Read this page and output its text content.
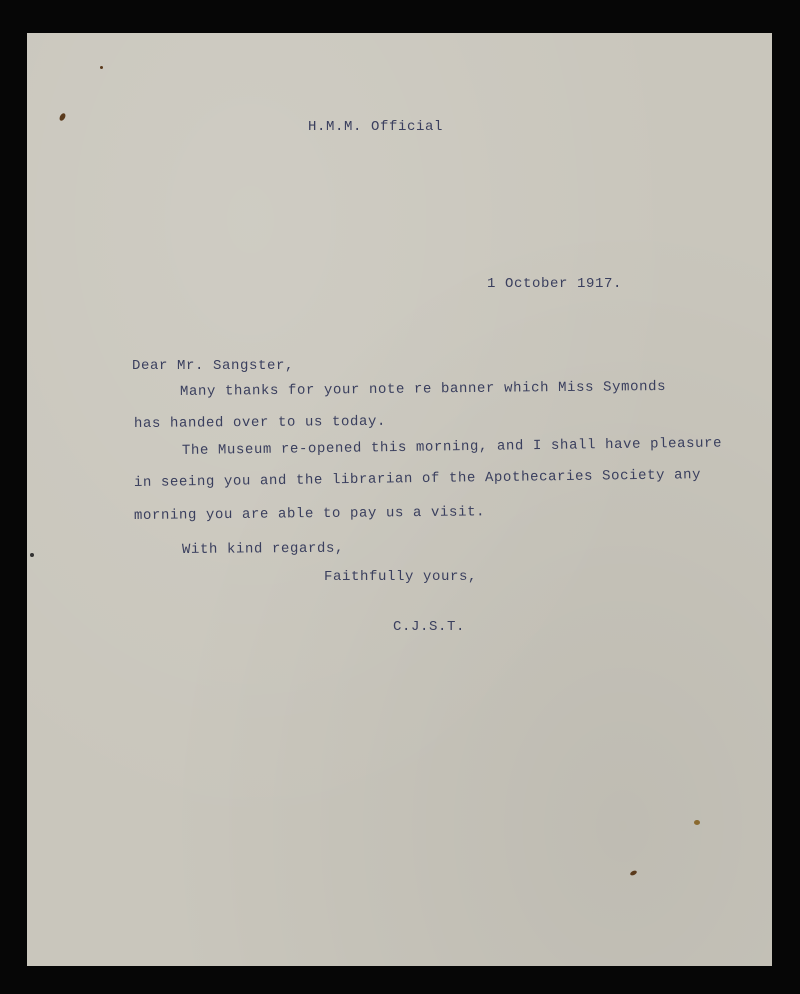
H.M.M. Official
1 October 1917.
Dear Mr. Sangster,
Many thanks for your note re banner which Miss Symonds
has handed over to us today.
The Museum re-opened this morning, and I shall have pleasure
in seeing you and the librarian of the Apothecaries Society any
morning you are able to pay us a visit.
With kind regards,
Faithfully yours,
C.J.S.T.
